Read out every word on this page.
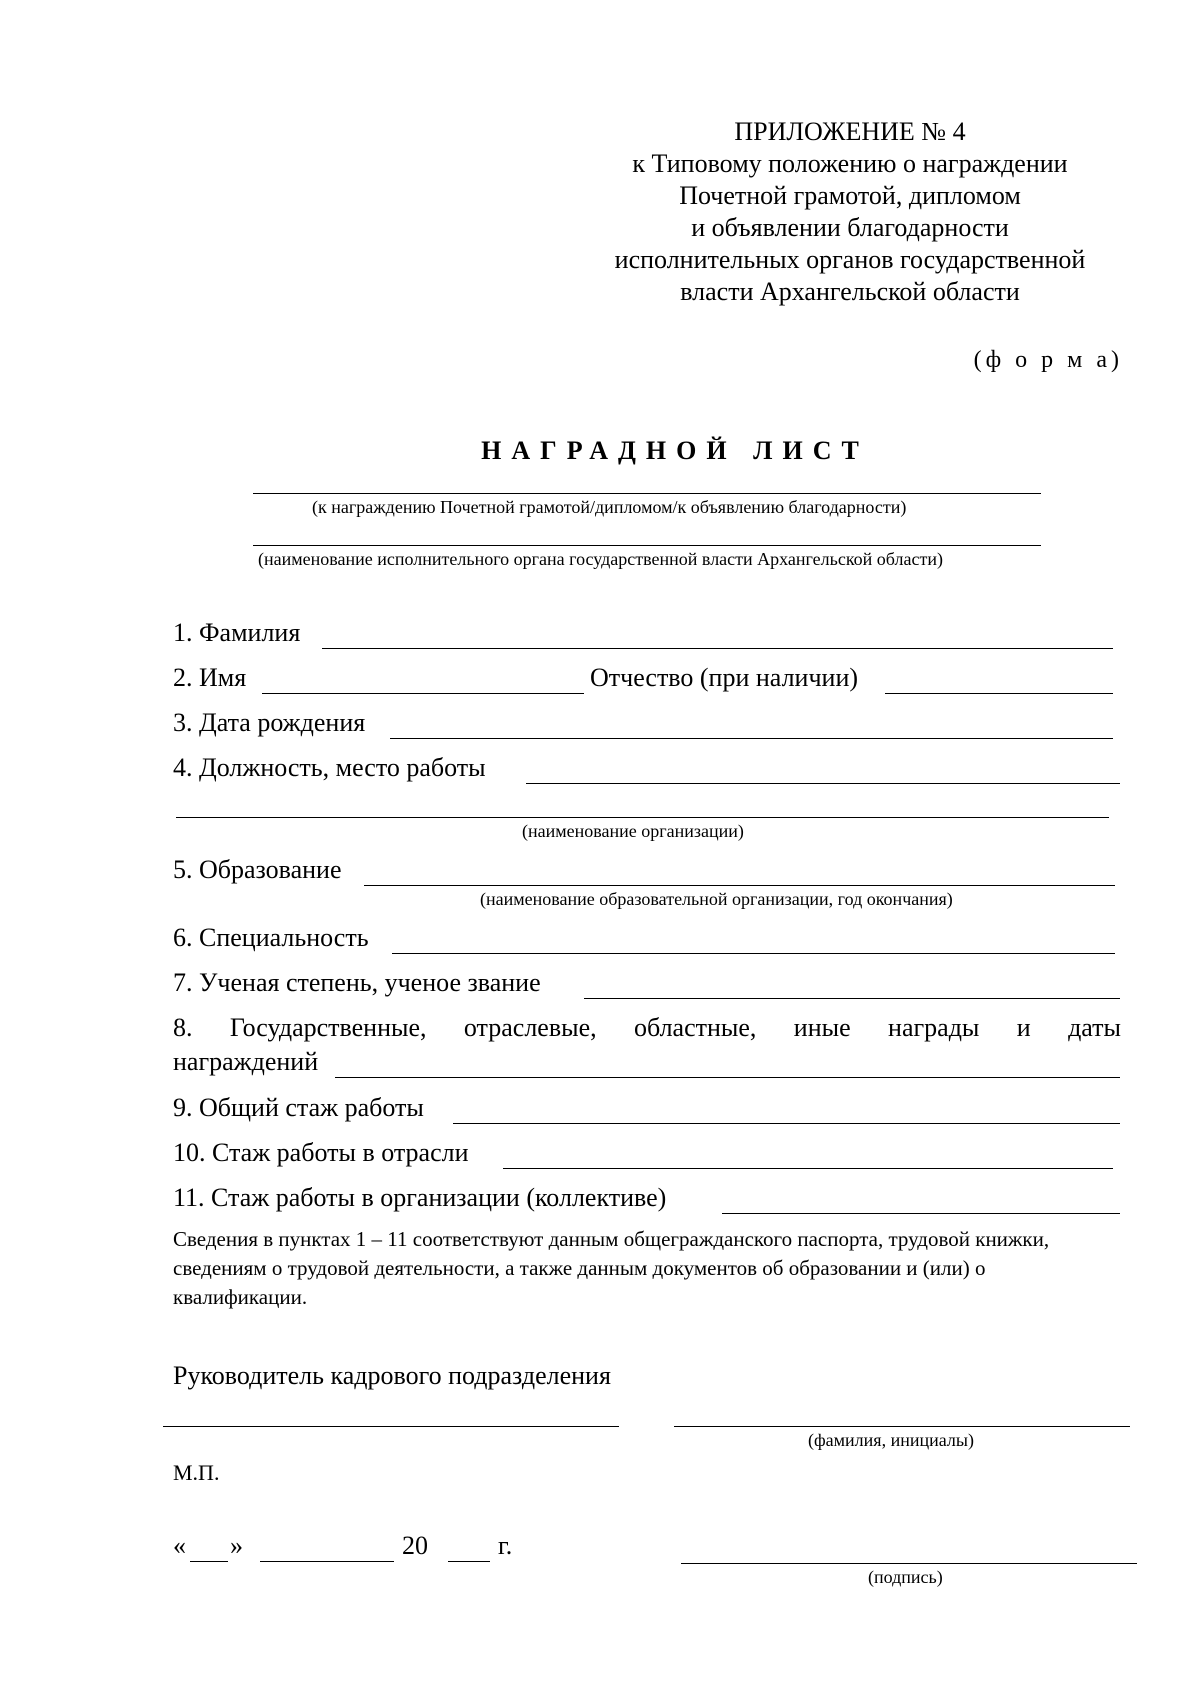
ПРИЛОЖЕНИЕ № 4
к Типовому положению о награждении
Почетной грамотой, дипломом
и объявлении благодарности
исполнительных органов государственной
власти Архангельской области
(ф о р м а)
НАГРАДНОЙ ЛИСТ
(к награждению Почетной грамотой/дипломом/к объявлению благодарности)
(наименование исполнительного органа государственной власти Архангельской области)
1. Фамилия
2. Имя	Отчество (при наличии)
3. Дата рождения
4. Должность, место работы
(наименование организации)
5. Образование
(наименование образовательной организации, год окончания)
6. Специальность
7. Ученая степень, ученое звание
8. Государственные, отраслевые, областные, иные награды и даты
награждений
9. Общий стаж работы
10. Стаж работы в отрасли
11. Стаж работы в организации (коллективе)
Сведения в пунктах 1 – 11 соответствуют данным общегражданского паспорта, трудовой книжки, сведениям о трудовой деятельности, а также данным документов об образовании и (или) о квалификации.
Руководитель кадрового подразделения
(фамилия, инициалы)
М.П.
« »	20	г.
(подпись)
